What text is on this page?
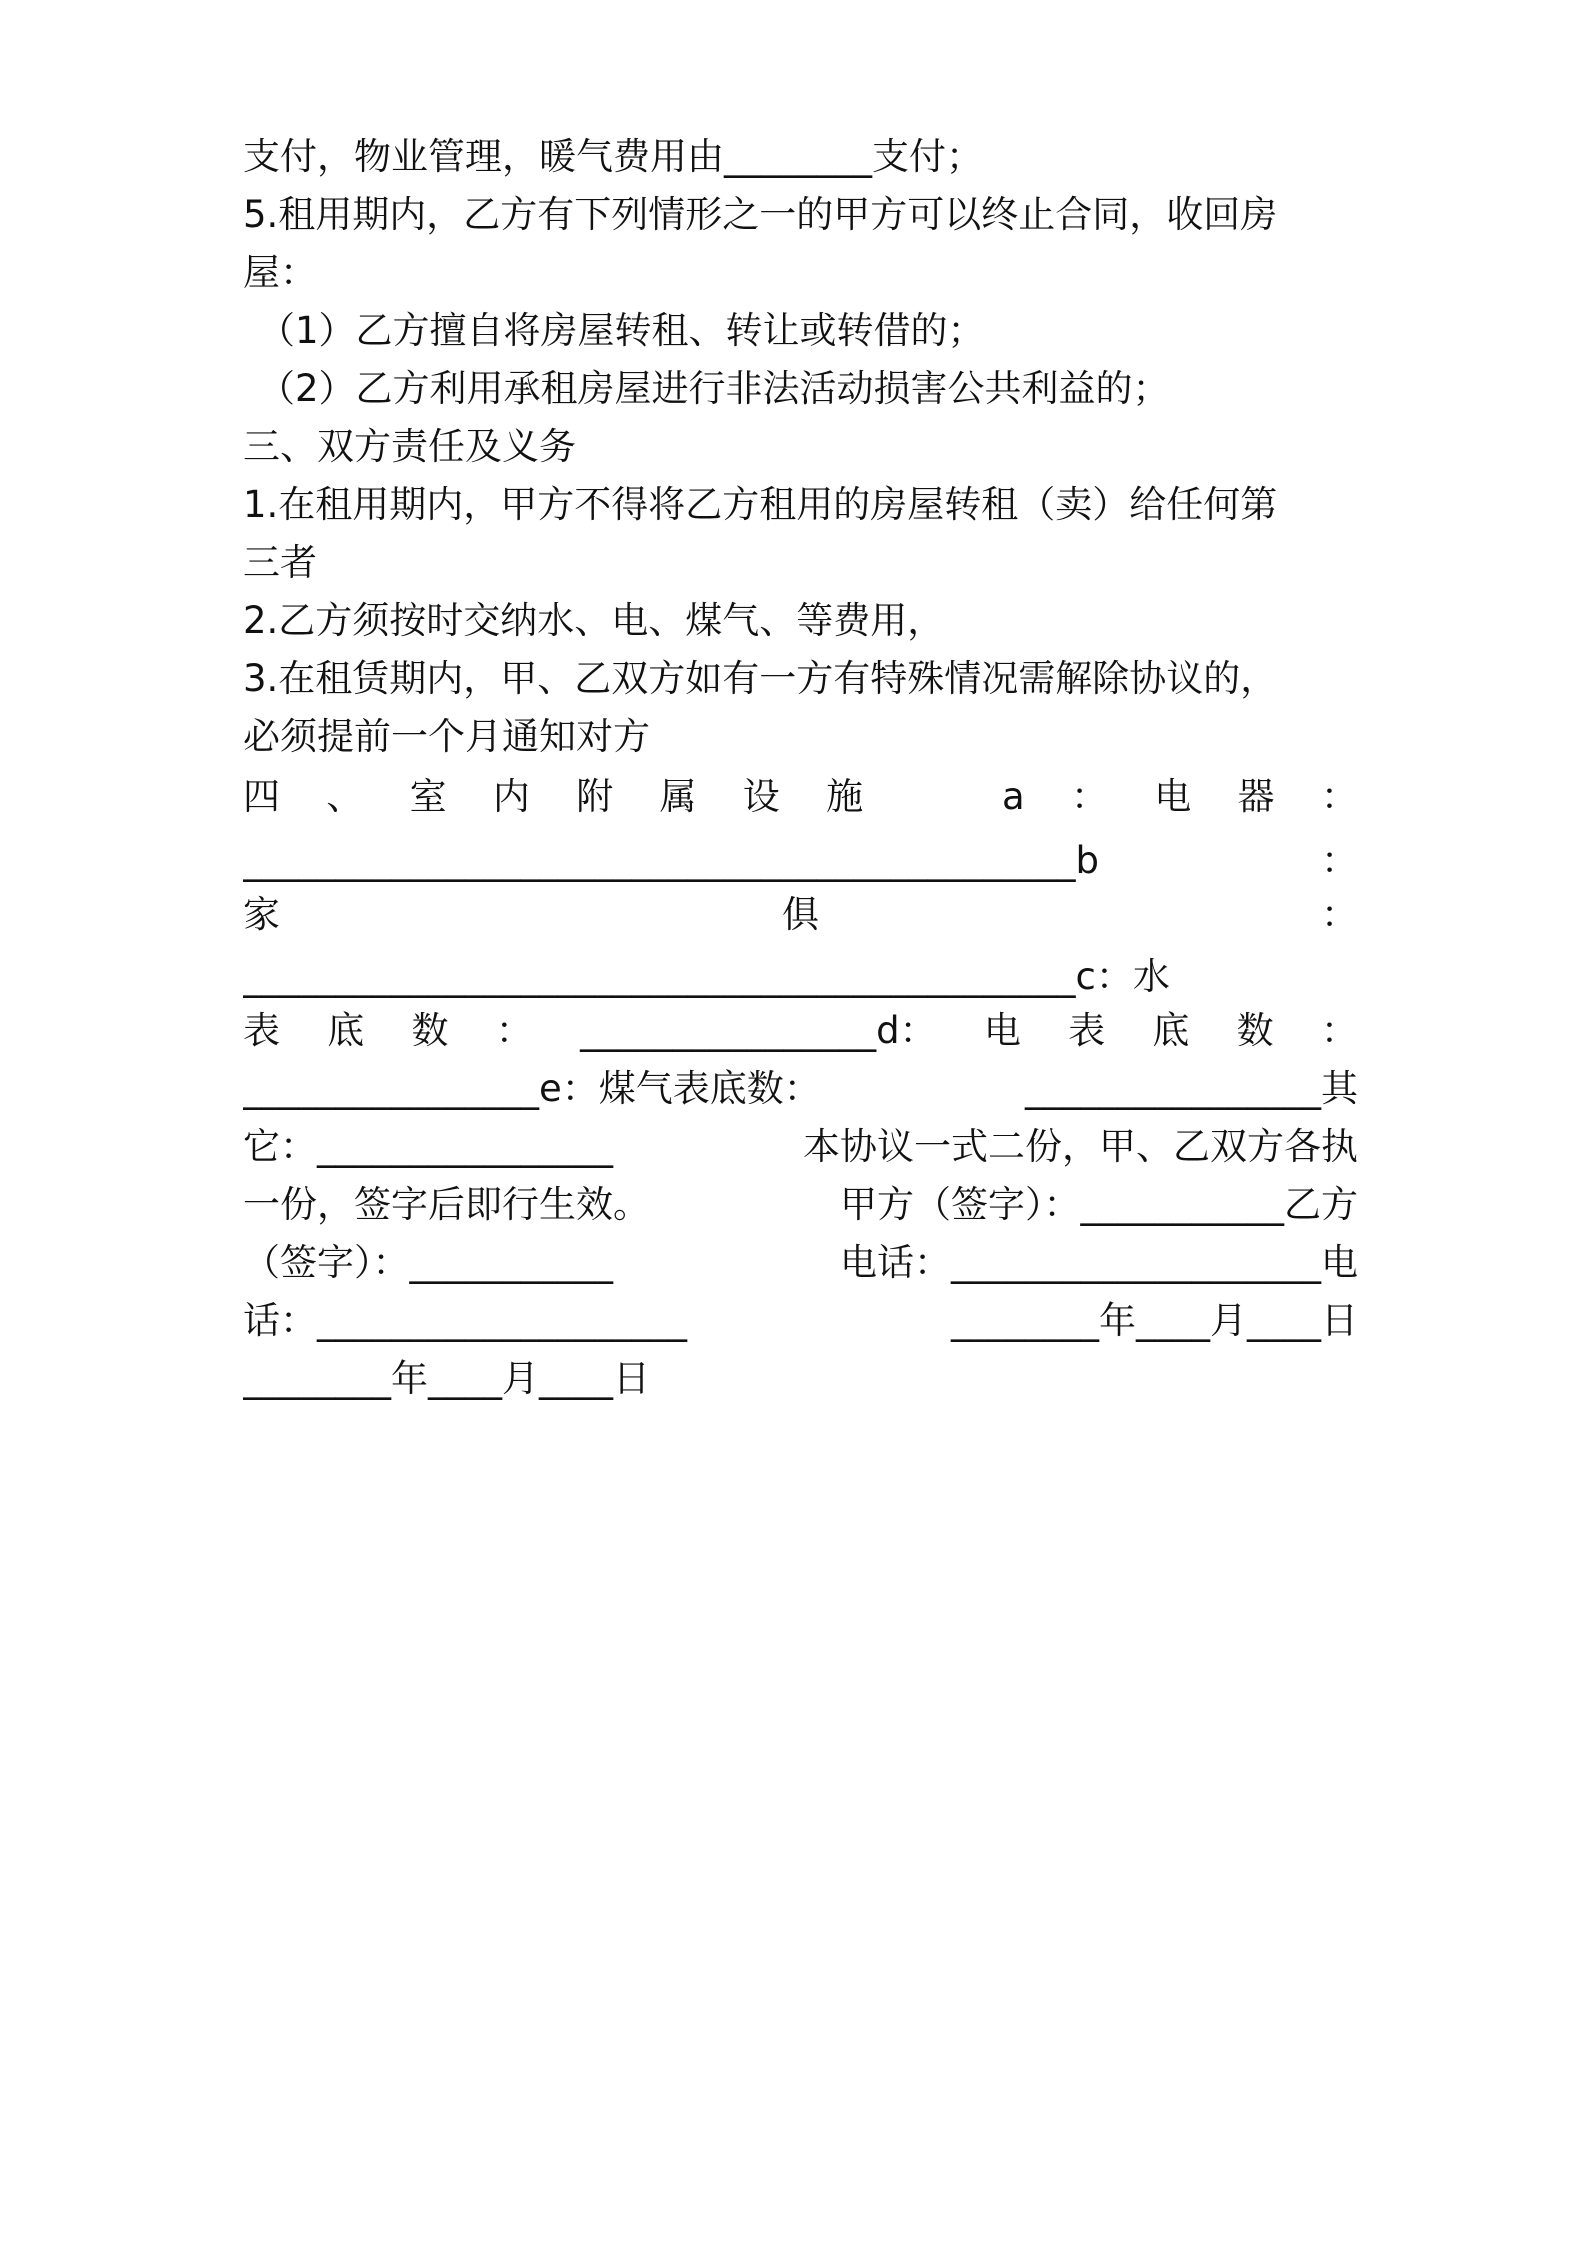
支付，物业管理，暖气费用由________支付；
5.租用期内，乙方有下列情形之一的甲方可以终止合同，收回房
屋：
（1）乙方擅自将房屋转租、转让或转借的；
（2）乙方利用承租房屋进行非法活动损害公共利益的；
三、双方责任及义务
1.在租用期内，甲方不得将乙方租用的房屋转租（卖）给任何第
三者
2.乙方须按时交纳水、电、煤气、等费用，
3.在租赁期内，甲、乙双方如有一方有特殊情况需解除协议的，
必须提前一个月通知对方
四 、 室 内 附 属 设 施	a ： 电 器 ：
_____________________________________________b	：
家	俱	：
_____________________________________________c：水
表 底 数 ： ________________d： 电 表 底 数 ：
________________e：煤气表底数：	________________其
它：________________	本协议一式二份，甲、乙双方各执
一份，签字后即行生效。	甲方（签字）：___________乙方
（签字）：___________	电话：____________________电
话：____________________	________年____月____日
________年____月____日
